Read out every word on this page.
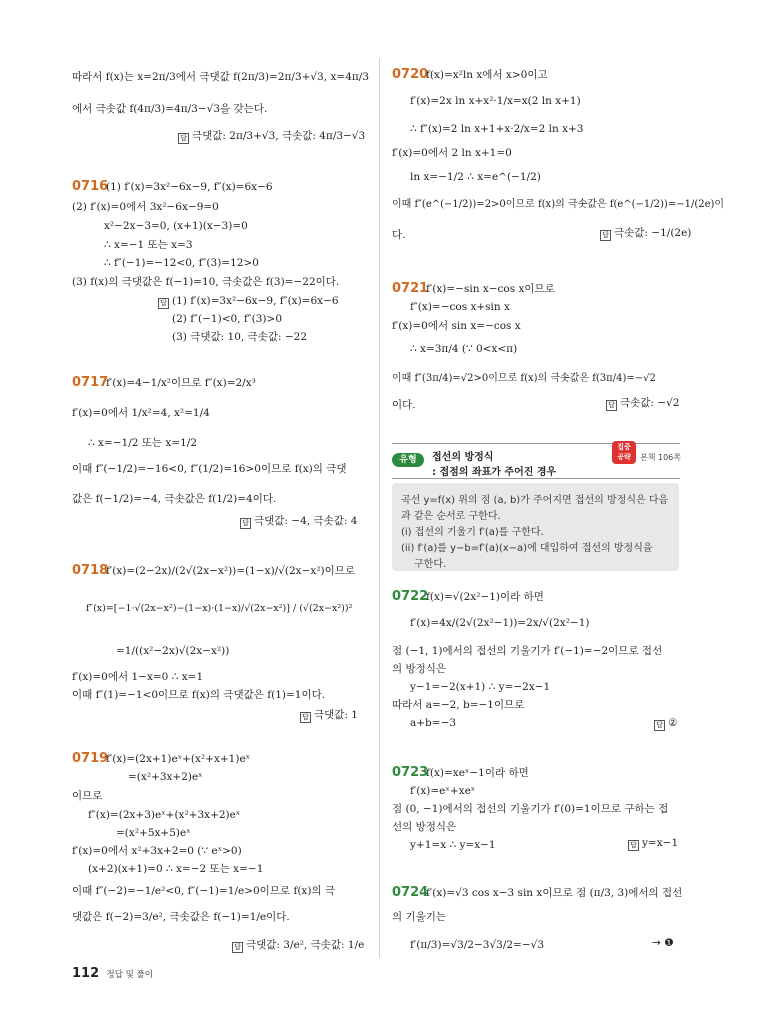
따라서 f(x)는 x=2π/3에서 극댓값 f(2π/3)=2π/3+√3, x=4π/3
에서 극솟값 f(4π/3)=4π/3−√3을 갖는다.
답 극댓값: 2π/3+√3, 극솟값: 4π/3−√3
0716
(1) f′(x)=3x²−6x−9, f″(x)=6x−6
(2) f′(x)=0에서 3x²−6x−9=0
x²−2x−3=0, (x+1)(x−3)=0
∴ x=−1 또는 x=3
∴ f″(−1)=−12<0, f″(3)=12>0
(3) f(x)의 극댓값은 f(−1)=10, 극솟값은 f(3)=−22이다.
답 (1) f′(x)=3x²−6x−9, f″(x)=6x−6
(2) f″(−1)<0, f″(3)>0
(3) 극댓값: 10, 극솟값: −22
0717
f′(x)=4−1/x²이므로 f″(x)=2/x³
f′(x)=0에서 1/x²=4, x²=1/4
∴ x=−1/2 또는 x=1/2
이때 f″(−1/2)=−16<0, f″(1/2)=16>0이므로 f(x)의 극댓
값은 f(−1/2)=−4, 극솟값은 f(1/2)=4이다.
답 극댓값: −4, 극솟값: 4
0718
f′(x)=(2−2x)/(2√(2x−x²))=(1−x)/√(2x−x²)이므로
f″(x)=[−1·√(2x−x²)−(1−x)·(1−x)/√(2x−x²)] / (√(2x−x²))²
=1/((x²−2x)√(2x−x²))
f′(x)=0에서 1−x=0 ∴ x=1
이때 f″(1)=−1<0이므로 f(x)의 극댓값은 f(1)=1이다.
답 극댓값: 1
0719
f′(x)=(2x+1)eˣ+(x²+x+1)eˣ
=(x²+3x+2)eˣ
이므로
f″(x)=(2x+3)eˣ+(x²+3x+2)eˣ
=(x²+5x+5)eˣ
f′(x)=0에서 x²+3x+2=0 (∵ eˣ>0)
(x+2)(x+1)=0 ∴ x=−2 또는 x=−1
이때 f″(−2)=−1/e²<0, f″(−1)=1/e>0이므로 f(x)의 극
댓값은 f(−2)=3/e², 극솟값은 f(−1)=1/e이다.
답 극댓값: 3/e², 극솟값: 1/e
0720
f(x)=x²ln x에서 x>0이고
f′(x)=2x ln x+x²·1/x=x(2 ln x+1)
∴ f″(x)=2 ln x+1+x·2/x=2 ln x+3
f′(x)=0에서 2 ln x+1=0
ln x=−1/2 ∴ x=e^(−1/2)
이때 f″(e^(−1/2))=2>0이므로 f(x)의 극솟값은 f(e^(−1/2))=−1/(2e)이
다.	답 극솟값: −1/(2e)
0721
f′(x)=−sin x−cos x이므로
f″(x)=−cos x+sin x
f′(x)=0에서 sin x=−cos x
∴ x=3π/4 (∵ 0<x<π)
이때 f″(3π/4)=√2>0이므로 f(x)의 극솟값은 f(3π/4)=−√2
이다.	답 극솟값: −√2
유형 01
접선의 방정식
: 접점의 좌표가 주어진 경우
집중
공략	본책 106쪽
곡선 y=f(x) 위의 점 (a, b)가 주어지면 접선의 방정식은 다음
과 같은 순서로 구한다.
(i) 접선의 기울기 f′(a)를 구한다.
(ii) f′(a)를 y−b=f′(a)(x−a)에 대입하여 접선의 방정식을
구한다.
0722
f(x)=√(2x²−1)이라 하면
f′(x)=4x/(2√(2x²−1))=2x/√(2x²−1)
점 (−1, 1)에서의 접선의 기울기가 f′(−1)=−2이므로 접선
의 방정식은
y−1=−2(x+1) ∴ y=−2x−1
따라서 a=−2, b=−1이므로
a+b=−3	답 ②
0723
f(x)=xeˣ−1이라 하면
f′(x)=eˣ+xeˣ
점 (0, −1)에서의 접선의 기울기가 f′(0)=1이므로 구하는 접
선의 방정식은
y+1=x ∴ y=x−1	답 y=x−1
0724
f′(x)=√3 cos x−3 sin x이므로 점 (π/3, 3)에서의 접선
의 기울기는
f′(π/3)=√3/2−3√3/2=−√3	→ ❶
112 정답 및 풀이
